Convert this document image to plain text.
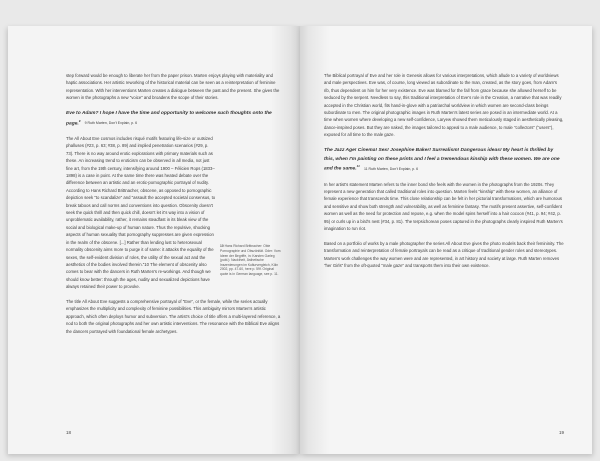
step forward would be enough to liberate her from the paper prison. Marten enjoys playing with materiality and haptic associations. Her artistic reworking of the historical material can be seen as a reinterpretation of feminine representation. With her interventions Marten creates a dialogue between the past and the present. She gives the women in the photographs a new "voice" and broadens the scope of their stories.

Eve to Adam? I hope I have the time and opportunity to welcome such thoughts onto the page.$^9$ 9 Ruth Marten, Don't Explain, p. 6

The All About Eve cosmos includes risqué motifs featuring life-size or outsized phalluses (#23, p. 63; #38, p. 89) and implied penetration scenarios (#29, p. 73). There is no way around erotic explorations with primary materials such as these. An increasing trend to eroticism can be observed in all media, not just fine art, from the 19th century, intensifying around 1900 – Félicien Rops (1833–1898) is a case in point. At the same time there was heated debate over the difference between an artistic and an erotic-pornographic portrayal of nudity. According to Hans Richard Brittnacher, obscene, as opposed to pornographic depiction seek "to scandalize" and "assault the accepted societal consensus, to break taboos and call norms and conventions into question. Obscenity doesn't seek the quick thrill and then quick chill, doesn't let it's way into a vision of unproblematic availability, rather, it remains steadfast in its bleak view of the social and biological make-up of human nature. Thus the repulsive, shocking aspects of human sexuality that pornography suppresses are given expression in the realm of the obscene. [...] Rather than lending lust to heterosexual normality obscenity aims more to purge it of same: it attacks the equality of the sexes, the self-evident division of roles, the utility of the sexual act and the aesthetics of the bodies involved therein."10 The element of obscenity also comes to bear with the dancers in Ruth Marten's re-workings. And though we should know better: through the ages, nudity and sexualized depictions have always retained their power to provoke.

10 Hans Richard Brittnacher: Obie Pornographie und Obszönität. Oder: Vom Ideen der Begriffe, in: Karsten Garleg (publ.): Nacktheit, Ästhetische Inszenierungen im Kulturvergleich, Köln 2002, pp. 47-60, here p. 59f. Original quote is in German language, see p. 11.

The title All About Eve suggests a comprehensive portrayal of "Eve", or the female, while the series actually emphasizes the multiplicity and complexity of feminine possibilities. This ambiguity mirrors Marten's artistic approach, which often deploys humor and subversion. The artist's choice of title offers a multi-layered reference, a nod to both the original photographs and her own artistic interventions. The resonance with the Biblical Eve aligns the dancers portrayed with foundational female archetypes.

18

The Biblical portrayal of Eve and her role in Genesis allows for various interpretations, which allude to a variety of worldviews and male perspectives. Eve was, of course, long viewed as subordinate to the man, created, as the story goes, from Adam's rib, thus dependent on him for her very existence. Eve was blamed for the fall from grace because she allowed herself to be seduced by the serpent. Needless to say, this traditional interpretation of Eve's role in the Creation, a narrative that was readily accepted in the Christian world, fits hand-in-glove with a patriarchal worldview in which women are second-class beings subordinate to men. The original photographic images in Ruth Marten's latest series are posed in an intermediate world. At a time when women where developing a new self-confidence, Laryew showed them meticulously staged in aesthetically pleasing, dance-inspired poses. But they are naked, the images tailored to appeal to a male audience, to male "collectors" ("users"), exposed for all time to the male gaze.

The Jazz Age! Cinema! Sex! Josephine Baker! Surrealism! Dangerous ideas! My heart is thrilled by this, when I'm painting on these prints and I feel a tremendous kinship with these women. We are one and the same.$^{11}$ 11 Ruth Marten, Don't Explain, p. 6

In her artist's statement Marten refers to the inner bond she feels with the women in the photographs from the 1920s. They represent a new generation that called traditional roles into question. Marten feels "kinship" with these women, an alliance of female experience that transcends time. This close relationship can be felt in her pictorial transformations, which are humorous and sensitive and show both strength and vulnerability, as well as feminine fantasy. The motifs present assertive, self-confident women as well as the need for protection and repose, e.g. when the model spins herself into a hair cocoon (#41, p. 94; #42, p. 95) or curls up in a bird's nest (#34, p. 81). The terpsichorean poses captured in the photographs clearly inspired Ruth Marten's imagination to run riot.

Based on a portfolio of works by a male photographer the series All About Eve gives the photo models back their femininity. The transformation and reinterpretation of female portrayals can be read as a critique of traditional gender roles and stereotypes. Marten's work challenges the way women were and are represented, in art history and society at large. Ruth Marten removes "her Girls" from the oft-quoted "male gaze" and transports them into their own existence.

19
